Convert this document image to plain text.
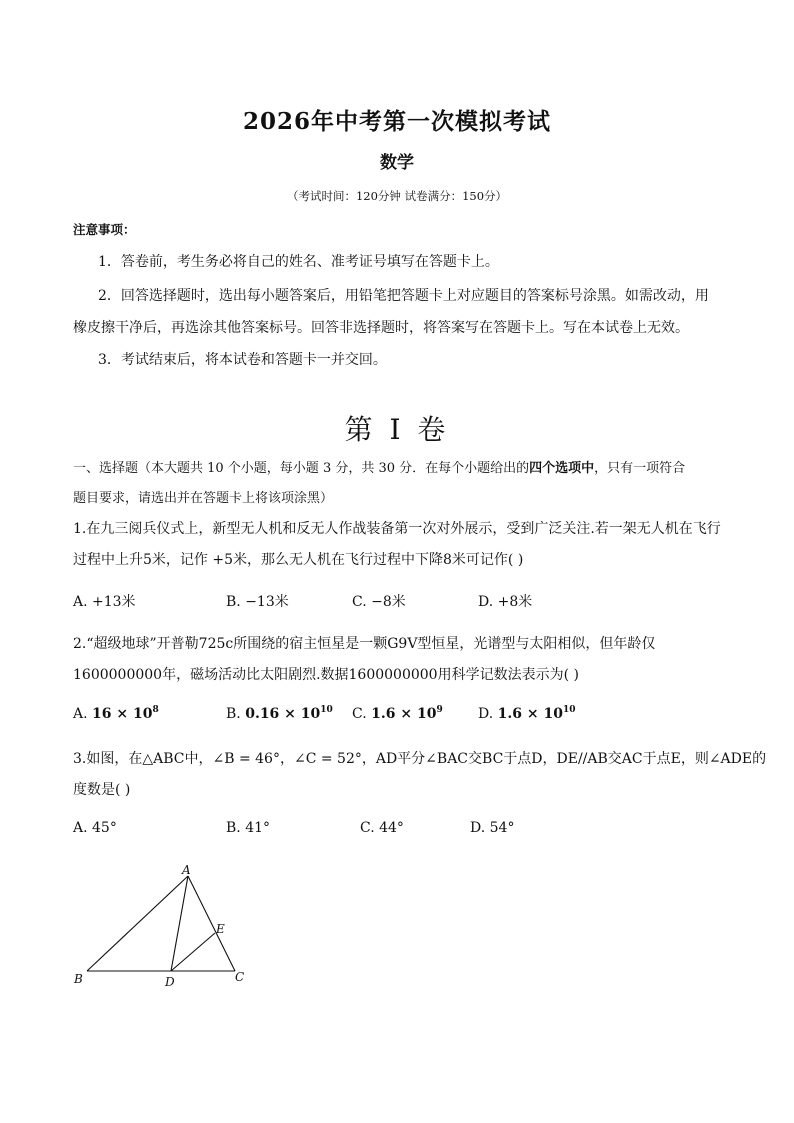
2026年中考第一次模拟考试
数学
（考试时间：120分钟 试卷满分：150分）
注意事项：
1．答卷前，考生务必将自己的姓名、准考证号填写在答题卡上。
2．回答选择题时，选出每小题答案后，用铅笔把答题卡上对应题目的答案标号涂黑。如需改动，用
橡皮擦干净后，再选涂其他答案标号。回答非选择题时，将答案写在答题卡上。写在本试卷上无效。
3．考试结束后，将本试卷和答题卡一并交回。
第 I 卷
一、选择题（本大题共 10 个小题，每小题 3 分，共 30 分．在每个小题给出的四个选项中，只有一项符合
题目要求，请选出并在答题卡上将该项涂黑）
1.在九三阅兵仪式上，新型无人机和反无人作战装备第一次对外展示，受到广泛关注.若一架无人机在飞行
过程中上升5米，记作 +5米，那么无人机在飞行过程中下降8米可记作( )
A. +13米	B. −13米	C. −8米	D. +8米
2.“超级地球”开普勒725c所围绕的宿主恒星是一颗G9V型恒星，光谱型与太阳相似，但年龄仅
1600000000年，磁场活动比太阳剧烈.数据1600000000用科学记数法表示为( )
A. $16 \times 10^8$	B. $0.16 \times 10^{10}$ C. $1.6 \times 10^9$	D. $1.6 \times 10^{10}$
3.如图，在△ABC中，∠B = 46°，∠C = 52°，AD平分∠BAC交BC于点D，DE//AB交AC于点E，则∠ADE的
度数是( )
A. 45°	B. 41°	C. 44°	D. 54°
A
B	C
D
E
